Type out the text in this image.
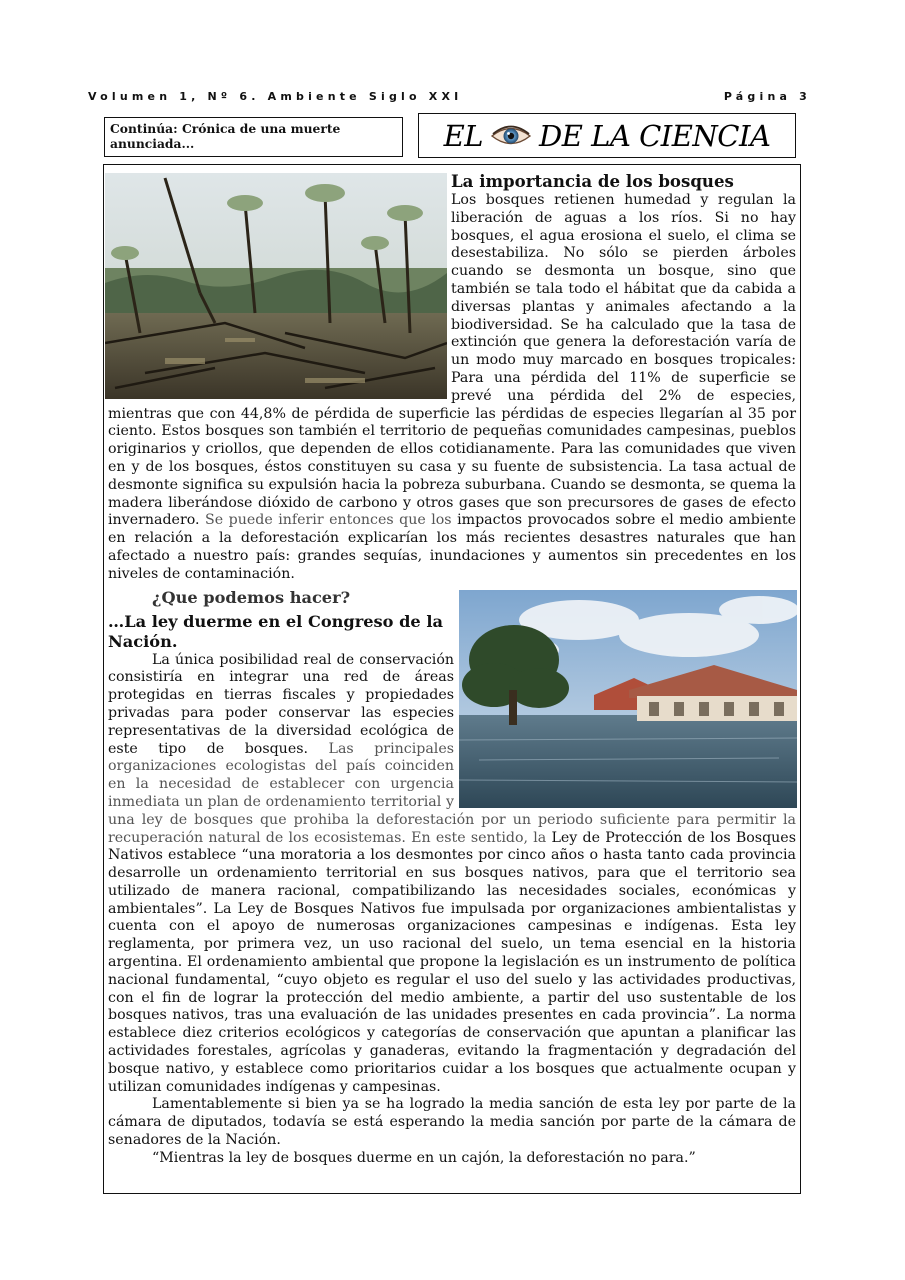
Volumen 1, Nº 6. Ambiente Siglo XXI	Página 3
Continúa: Crónica de una muerte anunciada...	EL DE LA CIENCIA
La importancia de los bosques

Los bosques retienen humedad y regulan la liberación de aguas a los ríos. Si no hay bosques, el agua erosiona el suelo, el clima se desestabiliza. No sólo se pierden árboles cuando se desmonta un bosque, sino que también se tala todo el hábitat que da cabida a diversas plantas y animales afectando a la biodiversidad. Se ha calculado que la tasa de extinción que genera la deforestación varía de un modo muy marcado en bosques tropicales: Para una pérdida del 11% de superficie se prevé una pérdida del 2% de especies, mientras que con 44,8% de pérdida de superficie las pérdidas de especies llegarían al 35 por ciento. Estos bosques son también el territorio de pequeñas comunidades campesinas, pueblos originarios y criollos, que dependen de ellos cotidianamente. Para las comunidades que viven en y de los bosques, éstos constituyen su casa y su fuente de subsistencia. La tasa actual de desmonte significa su expulsión hacia la pobreza suburbana. Cuando se desmonta, se quema la madera liberándose dióxido de carbono y otros gases que son precursores de gases de efecto invernadero. Se puede inferir entonces que los impactos provocados sobre el medio ambiente en relación a la deforestación explicarían los más recientes desastres naturales que han afectado a nuestro país: grandes sequías, inundaciones y aumentos sin precedentes en los niveles de contaminación.

¿Que podemos hacer?
…La ley duerme en el Congreso de la Nación.

La única posibilidad real de conservación consistiría en integrar una red de áreas protegidas en tierras fiscales y propiedades privadas para poder conservar las especies representativas de la diversidad ecológica de este tipo de bosques. Las principales organizaciones ecologistas del país coinciden en la necesidad de establecer con urgencia inmediata un plan de ordenamiento territorial y una ley de bosques que prohiba la deforestación por un periodo suficiente para permitir la recuperación natural de los ecosistemas. En este sentido, la Ley de Protección de los Bosques Nativos establece “una moratoria a los desmontes por cinco años o hasta tanto cada provincia desarrolle un ordenamiento territorial en sus bosques nativos, para que el territorio sea utilizado de manera racional, compatibilizando las necesidades sociales, económicas y ambientales”. La Ley de Bosques Nativos fue impulsada por organizaciones ambientalistas y cuenta con el apoyo de numerosas organizaciones campesinas e indígenas. Esta ley reglamenta, por primera vez, un uso racional del suelo, un tema esencial en la historia argentina. El ordenamiento ambiental que propone la legislación es un instrumento de política nacional fundamental, “cuyo objeto es regular el uso del suelo y las actividades productivas, con el fin de lograr la protección del medio ambiente, a partir del uso sustentable de los bosques nativos, tras una evaluación de las unidades presentes en cada provincia”. La norma establece diez criterios ecológicos y categorías de conservación que apuntan a planificar las actividades forestales, agrícolas y ganaderas, evitando la fragmentación y degradación del bosque nativo, y establece como prioritarios cuidar a los bosques que actualmente ocupan y utilizan comunidades indígenas y campesinas.

Lamentablemente si bien ya se ha logrado la media sanción de esta ley por parte de la cámara de diputados, todavía se está esperando la media sanción por parte de la cámara de senadores de la Nación.

“Mientras la ley de bosques duerme en un cajón, la deforestación no para.”
